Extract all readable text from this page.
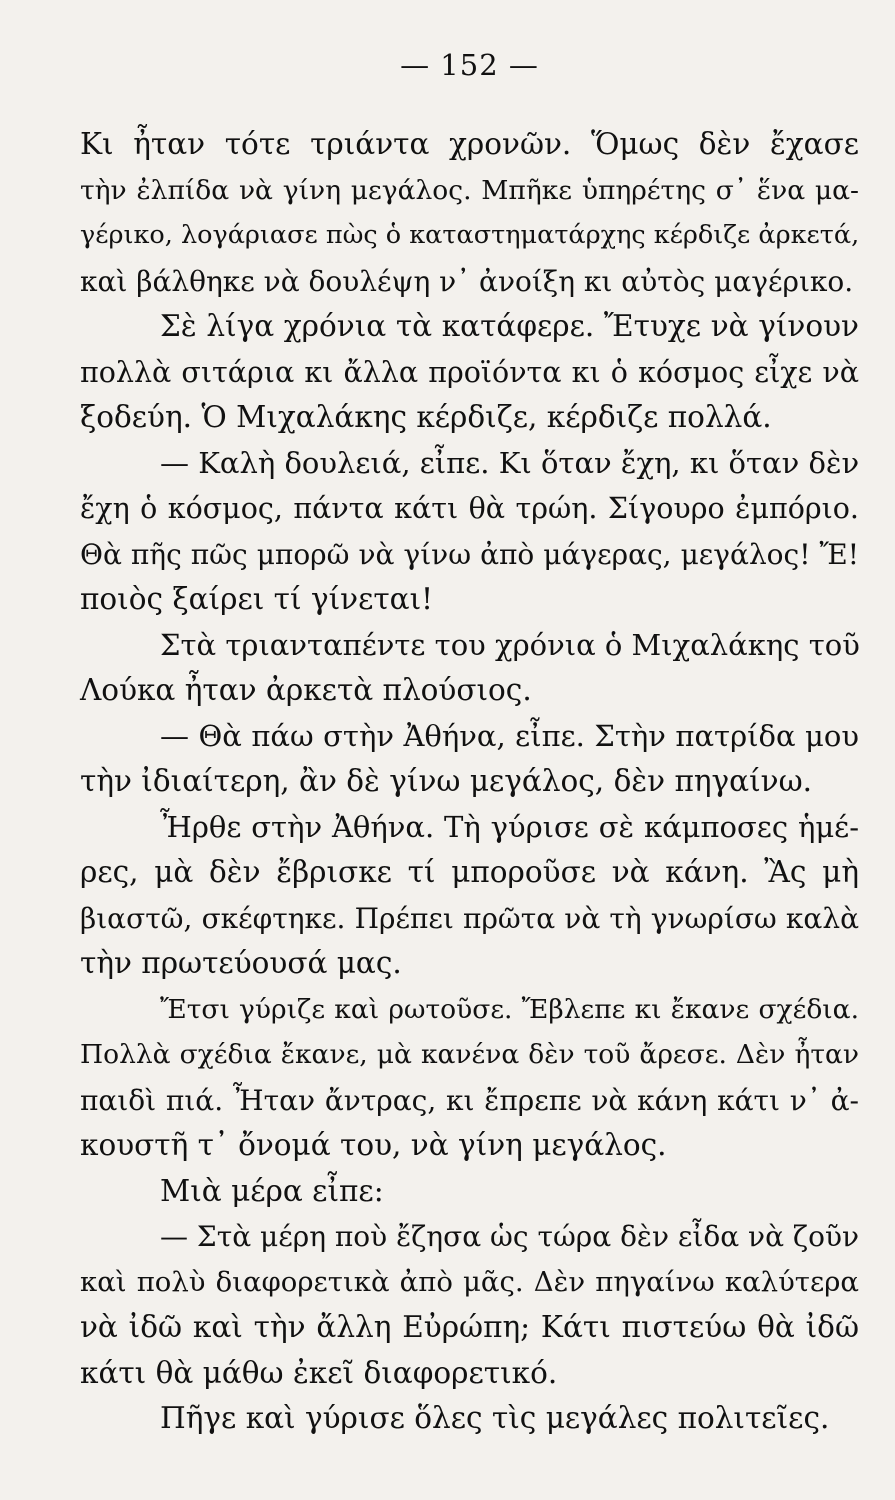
— 152 —
Κι ἦταν τότε τριάντα χρονῶν. Ὅμως δὲν ἔχασε
τὴν ἐλπίδα νὰ γίνη μεγάλος. Μπῆκε ὑπηρέτης σ᾽ ἕνα μα-
γέρικο, λογάριασε πὼς ὁ καταστηματάρχης κέρδιζε ἀρκετά,
καὶ βάλθηκε νὰ δουλέψη ν᾽ ἀνοίξη κι αὐτὸς μαγέρικο.
Σὲ λίγα χρόνια τὰ κατάφερε. Ἔτυχε νὰ γίνουν
πολλὰ σιτάρια κι ἄλλα προϊόντα κι ὁ κόσμος εἶχε νὰ
ξοδεύη. Ὁ Μιχαλάκης κέρδιζε, κέρδιζε πολλά.
— Καλὴ δουλειά, εἶπε. Κι ὅταν ἔχη, κι ὅταν δὲν
ἔχη ὁ κόσμος, πάντα κάτι θὰ τρώη. Σίγουρο ἐμπόριο.
Θὰ πῆς πῶς μπορῶ νὰ γίνω ἀπὸ μάγερας, μεγάλος! Ἔ!
ποιὸς ξαίρει τί γίνεται!
Στὰ τριανταπέντε του χρόνια ὁ Μιχαλάκης τοῦ
Λούκα ἦταν ἀρκετὰ πλούσιος.
— Θὰ πάω στὴν Ἀθήνα, εἶπε. Στὴν πατρίδα μου
τὴν ἰδιαίτερη, ἂν δὲ γίνω μεγάλος, δὲν πηγαίνω.
Ἦρθε στὴν Ἀθήνα. Τὴ γύρισε σὲ κάμποσες ἡμέ-
ρες, μὰ δὲν ἔβρισκε τί μποροῦσε νὰ κάνη. Ἂς μὴ
βιαστῶ, σκέφτηκε. Πρέπει πρῶτα νὰ τὴ γνωρίσω καλὰ
τὴν πρωτεύουσά μας.
Ἔτσι γύριζε καὶ ρωτοῦσε. Ἔβλεπε κι ἔκανε σχέδια.
Πολλὰ σχέδια ἔκανε, μὰ κανένα δὲν τοῦ ἄρεσε. Δὲν ἦταν
παιδὶ πιά. Ἦταν ἄντρας, κι ἔπρεπε νὰ κάνη κάτι ν᾽ ἀ-
κουστῆ τ᾽ ὄνομά του, νὰ γίνη μεγάλος.
Μιὰ μέρα εἶπε:
— Στὰ μέρη ποὺ ἔζησα ὡς τώρα δὲν εἶδα νὰ ζοῦν
καὶ πολὺ διαφορετικὰ ἀπὸ μᾶς. Δὲν πηγαίνω καλύτερα
νὰ ἰδῶ καὶ τὴν ἄλλη Εὐρώπη; Κάτι πιστεύω θὰ ἰδῶ
κάτι θὰ μάθω ἐκεῖ διαφορετικό.
Πῆγε καὶ γύρισε ὅλες τὶς μεγάλες πολιτεῖες.
